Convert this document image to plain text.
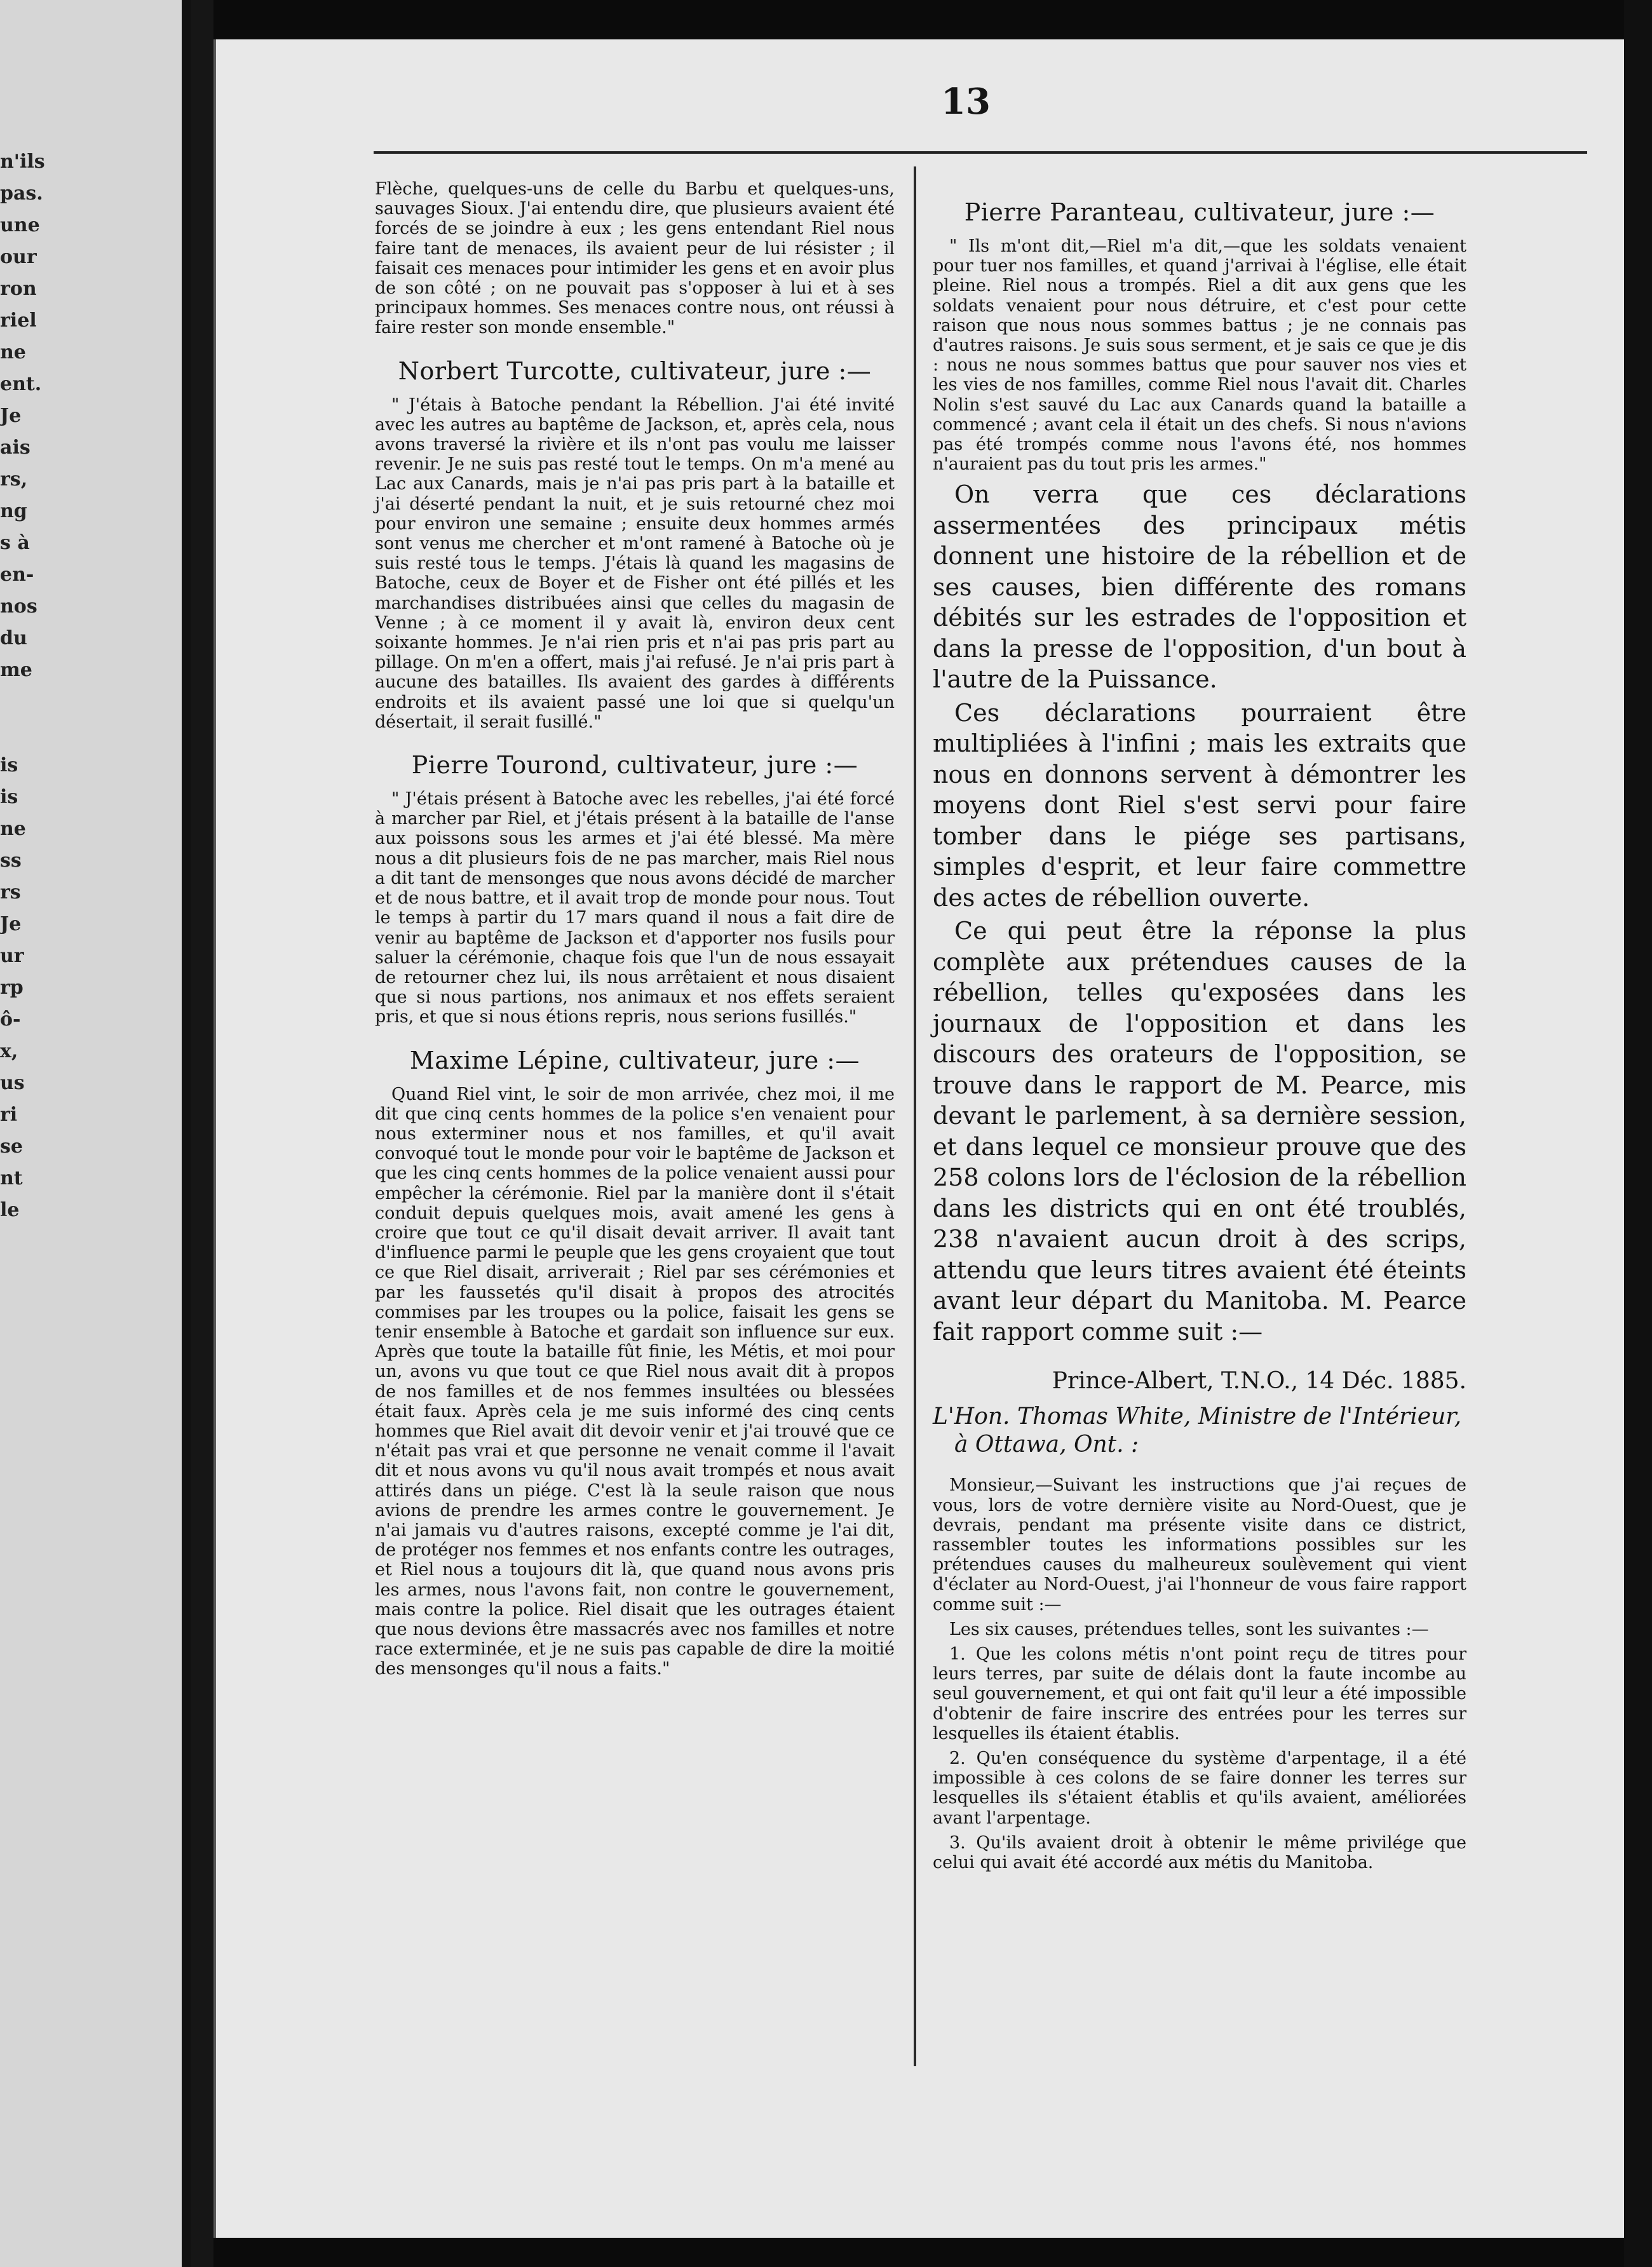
n'ils
pas.
une
our
ron
riel
ne
ent.
Je
ais
rs,
ng
s à
en-
nos
du
me

is
is
ne
ss
rs
Je
ur
rp
ô-
x,
us
ri
se
nt
le
13

Flèche, quelques-uns de celle du Barbu et quelques-uns, sauvages Sioux. J'ai entendu dire, que plusieurs avaient été forcés de se joindre à eux ; les gens entendant Riel nous faire tant de menaces, ils avaient peur de lui résister ; il faisait ces menaces pour intimider les gens et en avoir plus de son côté ; on ne pouvait pas s'opposer à lui et à ses principaux hommes. Ses menaces contre nous, ont réussi à faire rester son monde ensemble."

Norbert Turcotte, cultivateur, jure :—

" J'étais à Batoche pendant la Rébellion. J'ai été invité avec les autres au baptême de Jackson, et, après cela, nous avons traversé la rivière et ils n'ont pas voulu me laisser revenir. Je ne suis pas resté tout le temps. On m'a mené au Lac aux Canards, mais je n'ai pas pris part à la bataille et j'ai déserté pendant la nuit, et je suis retourné chez moi pour environ une semaine ; ensuite deux hommes armés sont venus me chercher et m'ont ramené à Batoche où je suis resté tous le temps. J'étais là quand les magasins de Batoche, ceux de Boyer et de Fisher ont été pillés et les marchandises distribuées ainsi que celles du magasin de Venne ; à ce moment il y avait là, environ deux cent soixante hommes. Je n'ai rien pris et n'ai pas pris part au pillage. On m'en a offert, mais j'ai refusé. Je n'ai pris part à aucune des batailles. Ils avaient des gardes à différents endroits et ils avaient passé une loi que si quelqu'un désertait, il serait fusillé."

Pierre Tourond, cultivateur, jure :—

" J'étais présent à Batoche avec les rebelles, j'ai été forcé à marcher par Riel, et j'étais présent à la bataille de l'anse aux poissons sous les armes et j'ai été blessé. Ma mère nous a dit plusieurs fois de ne pas marcher, mais Riel nous a dit tant de mensonges que nous avons décidé de marcher et de nous battre, et il avait trop de monde pour nous. Tout le temps à partir du 17 mars quand il nous a fait dire de venir au baptême de Jackson et d'apporter nos fusils pour saluer la cérémonie, chaque fois que l'un de nous essayait de retourner chez lui, ils nous arrêtaient et nous disaient que si nous partions, nos animaux et nos effets seraient pris, et que si nous étions repris, nous serions fusillés."

Maxime Lépine, cultivateur, jure :—

Quand Riel vint, le soir de mon arrivée, chez moi, il me dit que cinq cents hommes de la police s'en venaient pour nous exterminer nous et nos familles, et qu'il avait convoqué tout le monde pour voir le baptême de Jackson et que les cinq cents hommes de la police venaient aussi pour empêcher la cérémonie. Riel par la manière dont il s'était conduit depuis quelques mois, avait amené les gens à croire que tout ce qu'il disait devait arriver. Il avait tant d'influence parmi le peuple que les gens croyaient que tout ce que Riel disait, arriverait ; Riel par ses cérémonies et par les faussetés qu'il disait à propos des atrocités commises par les troupes ou la police, faisait les gens se tenir ensemble à Batoche et gardait son influence sur eux. Après que toute la bataille fût finie, les Métis, et moi pour un, avons vu que tout ce que Riel nous avait dit à propos de nos familles et de nos femmes insultées ou blessées était faux. Après cela je me suis informé des cinq cents hommes que Riel avait dit devoir venir et j'ai trouvé que ce n'était pas vrai et que personne ne venait comme il l'avait dit et nous avons vu qu'il nous avait trompés et nous avait attirés dans un piége. C'est là la seule raison que nous avions de prendre les armes contre le gouvernement. Je n'ai jamais vu d'autres raisons, excepté comme je l'ai dit, de protéger nos femmes et nos enfants contre les outrages, et Riel nous a toujours dit là, que quand nous avons pris les armes, nous l'avons fait, non contre le gouvernement, mais contre la police. Riel disait que les outrages étaient que nous devions être massacrés avec nos familles et notre race exterminée, et je ne suis pas capable de dire la moitié des mensonges qu'il nous a faits."

Pierre Paranteau, cultivateur, jure :—

" Ils m'ont dit,—Riel m'a dit,—que les soldats venaient pour tuer nos familles, et quand j'arrivai à l'église, elle était pleine. Riel nous a trompés. Riel a dit aux gens que les soldats venaient pour nous détruire, et c'est pour cette raison que nous nous sommes battus ; je ne connais pas d'autres raisons. Je suis sous serment, et je sais ce que je dis : nous ne nous sommes battus que pour sauver nos vies et les vies de nos familles, comme Riel nous l'avait dit. Charles Nolin s'est sauvé du Lac aux Canards quand la bataille a commencé ; avant cela il était un des chefs. Si nous n'avions pas été trompés comme nous l'avons été, nos hommes n'auraient pas du tout pris les armes."

On verra que ces déclarations assermentées des principaux métis donnent une histoire de la rébellion et de ses causes, bien différente des romans débités sur les estrades de l'opposition et dans la presse de l'opposition, d'un bout à l'autre de la Puissance.

Ces déclarations pourraient être multipliées à l'infini ; mais les extraits que nous en donnons servent à démontrer les moyens dont Riel s'est servi pour faire tomber dans le piége ses partisans, simples d'esprit, et leur faire commettre des actes de rébellion ouverte.

Ce qui peut être la réponse la plus complète aux prétendues causes de la rébellion, telles qu'exposées dans les journaux de l'opposition et dans les discours des orateurs de l'opposition, se trouve dans le rapport de M. Pearce, mis devant le parlement, à sa dernière session, et dans lequel ce monsieur prouve que des 258 colons lors de l'éclosion de la rébellion dans les districts qui en ont été troublés, 238 n'avaient aucun droit à des scrips, attendu que leurs titres avaient été éteints avant leur départ du Manitoba. M. Pearce fait rapport comme suit :—

Prince-Albert, T.N.O., 14 Déc. 1885.

L'Hon. Thomas White, Ministre de l'Intérieur, à Ottawa, Ont. :

Monsieur,—Suivant les instructions que j'ai reçues de vous, lors de votre dernière visite au Nord-Ouest, que je devrais, pendant ma présente visite dans ce district, rassembler toutes les informations possibles sur les prétendues causes du malheureux soulèvement qui vient d'éclater au Nord-Ouest, j'ai l'honneur de vous faire rapport comme suit :—

Les six causes, prétendues telles, sont les suivantes :—

1. Que les colons métis n'ont point reçu de titres pour leurs terres, par suite de délais dont la faute incombe au seul gouvernement, et qui ont fait qu'il leur a été impossible d'obtenir de faire inscrire des entrées pour les terres sur lesquelles ils étaient établis.

2. Qu'en conséquence du système d'arpentage, il a été impossible à ces colons de se faire donner les terres sur lesquelles ils s'étaient établis et qu'ils avaient, améliorées avant l'arpentage.

3. Qu'ils avaient droit à obtenir le même privilége que celui qui avait été accordé aux métis du Manitoba.
